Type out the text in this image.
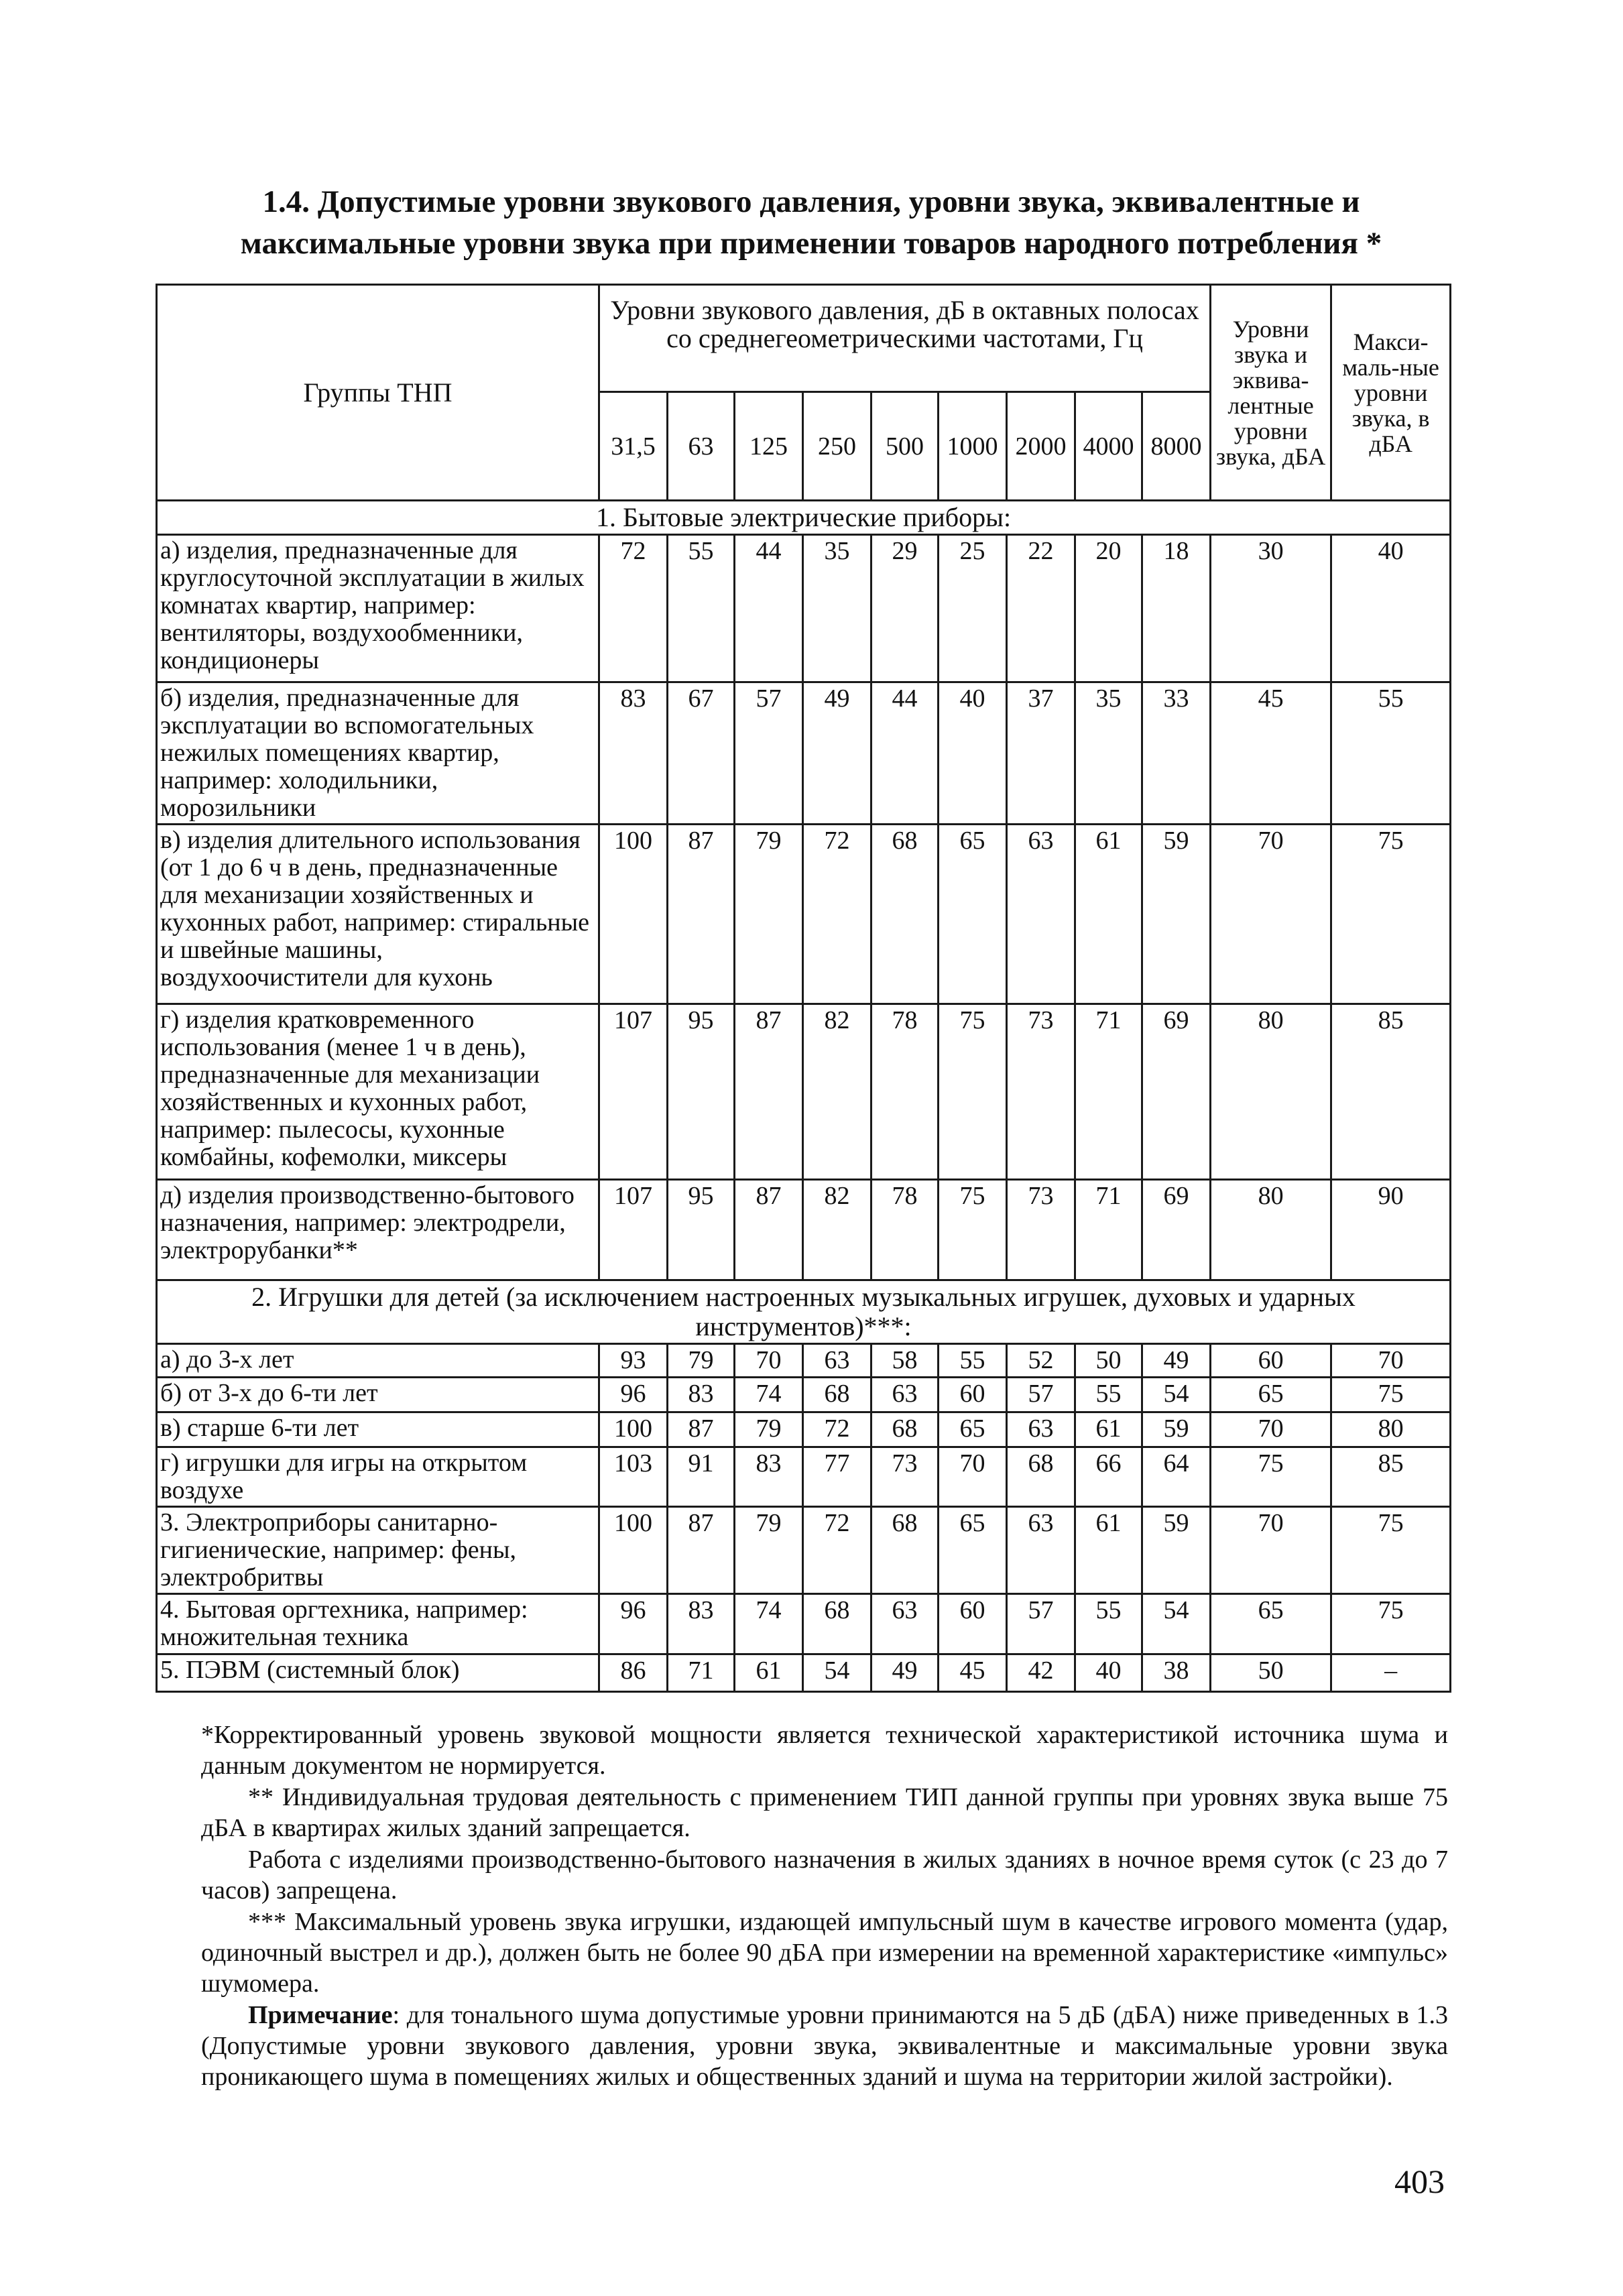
1.4. Допустимые уровни звукового давления, уровни звука, эквивалентные и
максимальные уровни звука при применении товаров народного потребления *
Группы ТНП	Уровни звукового давления, дБ в октавных полосах со среднегеометрическими частотами, Гц									Уровни звука и эквива-лентные уровни звука, дБА	Макси-маль-ные уровни звука, в дБА
	31,5	63	125	250	500	1000	2000	4000	8000		
1. Бытовые электрические приборы:											
а) изделия, предназначенные для круглосуточной эксплуатации в жилых комнатах квартир, например: вентиляторы, воздухообменники, кондиционеры	72	55	44	35	29	25	22	20	18	30	40
б) изделия, предназначенные для эксплуатации во вспомогательных нежилых помещениях квартир, например: холодильники, морозильники	83	67	57	49	44	40	37	35	33	45	55
в) изделия длительного использования (от 1 до 6 ч в день, предназначенные для механизации хозяйственных и кухонных работ, например: стиральные и швейные машины, воздухоочистители для кухонь	100	87	79	72	68	65	63	61	59	70	75
г) изделия кратковременного использования (менее 1 ч в день), предназначенные для механизации хозяйственных и кухонных работ, например: пылесосы, кухонные комбайны, кофемолки, миксеры	107	95	87	82	78	75	73	71	69	80	85
д) изделия производственно-бытового назначения, например: электродрели, электрорубанки**	107	95	87	82	78	75	73	71	69	80	90
2. Игрушки для детей (за исключением настроенных музыкальных игрушек, духовых и ударных инструментов)***:											
а) до 3-х лет	93	79	70	63	58	55	52	50	49	60	70
б) от 3-х до 6-ти лет	96	83	74	68	63	60	57	55	54	65	75
в) старше 6-ти лет	100	87	79	72	68	65	63	61	59	70	80
г) игрушки для игры на открытом воздухе	103	91	83	77	73	70	68	66	64	75	85
3. Электроприборы санитарно-гигиенические, например: фены, электробритвы	100	87	79	72	68	65	63	61	59	70	75
4. Бытовая оргтехника, например: множительная техника	96	83	74	68	63	60	57	55	54	65	75
5. ПЭВМ (системный блок)	86	71	61	54	49	45	42	40	38	50	–

*Корректированный уровень звуковой мощности является технической характеристикой источника шума и данным документом не нормируется.

** Индивидуальная трудовая деятельность с применением ТИП данной группы при уровнях звука выше 75 дБА в квартирах жилых зданий запрещается.

Работа с изделиями производственно-бытового назначения в жилых зданиях в ночное время суток (с 23 до 7 часов) запрещена.

*** Максимальный уровень звука игрушки, издающей импульсный шум в качестве игрового момента (удар, одиночный выстрел и др.), должен быть не более 90 дБА при измерении на временной характеристике «импульс» шумомера.

Примечание: для тонального шума допустимые уровни принимаются на 5 дБ (дБА) ниже приведенных в 1.3 (Допустимые уровни звукового давления, уровни звука, эквивалентные и максимальные уровни звука проникающего шума в помещениях жилых и общественных зданий и шума на территории жилой застройки).

403
